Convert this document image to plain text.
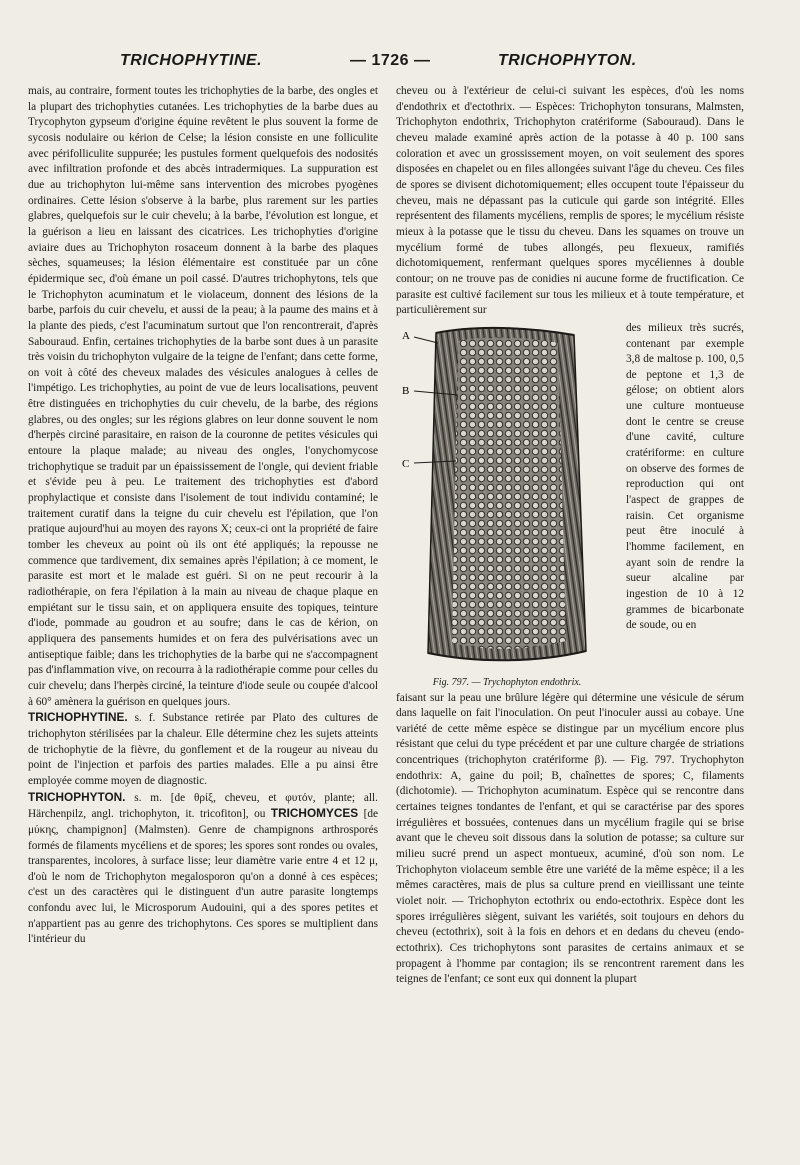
TRICHOPHYTINE.	— 1726 —	TRICHOPHYTON.

mais, au contraire, forment toutes les trichophyties de la barbe, des ongles et la plupart des trichophyties cutanées. Les trichophyties de la barbe dues au Trycophyton gypseum d'origine équine revêtent le plus souvent la forme de sycosis nodulaire ou kérion de Celse; la lésion consiste en une folliculite avec périfolliculite suppurée; les pustules forment quelquefois des nodosités avec infiltration profonde et des abcès intradermiques. La suppuration est due au trichophyton lui-même sans intervention des microbes pyogènes ordinaires. Cette lésion s'observe à la barbe, plus rarement sur les parties glabres, quelquefois sur le cuir chevelu; à la barbe, l'évolution est longue, et la guérison a lieu en laissant des cicatrices. Les trichophyties d'origine aviaire dues au Trichophyton rosaceum donnent à la barbe des plaques sèches, squameuses; la lésion élémentaire est constituée par un cône épidermique sec, d'où émane un poil cassé. D'autres trichophytons, tels que le Trichophyton acuminatum et le violaceum, donnent des lésions de la barbe, parfois du cuir chevelu, et aussi de la peau; à la paume des mains et à la plante des pieds, c'est l'acuminatum surtout que l'on rencontrerait, d'après Sabouraud. Enfin, certaines trichophyties de la barbe sont dues à un parasite très voisin du trichophyton vulgaire de la teigne de l'enfant; dans cette forme, on voit à côté des cheveux malades des vésicules analogues à celles de l'impétigo. Les trichophyties, au point de vue de leurs localisations, peuvent être distinguées en trichophyties du cuir chevelu, de la barbe, des régions glabres, ou des ongles; sur les régions glabres on leur donne souvent le nom d'herpès circiné parasitaire, en raison de la couronne de petites vésicules qui entoure la plaque malade; au niveau des ongles, l'onychomycose trichophytique se traduit par un épaississement de l'ongle, qui devient friable et s'évide peu à peu. Le traitement des trichophyties est d'abord prophylactique et consiste dans l'isolement de tout individu contaminé; le traitement curatif dans la teigne du cuir chevelu est l'épilation, que l'on pratique aujourd'hui au moyen des rayons X; ceux-ci ont la propriété de faire tomber les cheveux au point où ils ont été appliqués; la repousse ne commence que tardivement, dix semaines après l'épilation; à ce moment, le parasite est mort et le malade est guéri. Si on ne peut recourir à la radiothérapie, on fera l'épilation à la main au niveau de chaque plaque en empiétant sur le tissu sain, et on appliquera ensuite des topiques, teinture d'iode, pommade au goudron et au soufre; dans le cas de kérion, on appliquera des pansements humides et on fera des pulvérisations avec un antiseptique faible; dans les trichophyties de la barbe qui ne s'accompagnent pas d'inflammation vive, on recourra à la radiothérapie comme pour celles du cuir chevelu; dans l'herpès circiné, la teinture d'iode seule ou coupée d'alcool à 60° amènera la guérison en quelques jours.

TRICHOPHYTINE. s. f. Substance retirée par Plato des cultures de trichophyton stérilisées par la chaleur. Elle détermine chez les sujets atteints de trichophytie de la fièvre, du gonflement et de la rougeur au niveau du point de l'injection et parfois des parties malades. Elle a pu ainsi être employée comme moyen de diagnostic.

TRICHOPHYTON. s. m. [de θρίξ, cheveu, et φυτόν, plante; all. Härchenpilz, angl. trichophyton, it. tricofiton], ou TRICHOMYCES [de μύκης, champignon] (Malmsten). Genre de champignons arthrosporés formés de filaments mycéliens et de spores; les spores sont rondes ou ovales, transparentes, incolores, à surface lisse; leur diamètre varie entre 4 et 12 μ, d'où le nom de Trichophyton megalosporon qu'on a donné à ces espèces; c'est un des caractères qui le distinguent d'un autre parasite longtemps confondu avec lui, le Microsporum Audouini, qui a des spores petites et n'appartient pas au genre des trichophytons. Ces spores se multiplient dans l'intérieur du

cheveu ou à l'extérieur de celui-ci suivant les espèces, d'où les noms d'endothrix et d'ectothrix. — Espèces: Trichophyton tonsurans, Malmsten, Trichophyton endothrix, Trichophyton cratériforme (Sabouraud). Dans le cheveu malade examiné après action de la potasse à 40 p. 100 sans coloration et avec un grossissement moyen, on voit seulement des spores disposées en chapelet ou en files allongées suivant l'âge du cheveu. Ces files de spores se divisent dichotomiquement; elles occupent toute l'épaisseur du cheveu, mais ne dépassant pas la cuticule qui garde son intégrité. Elles représentent des filaments mycéliens, remplis de spores; le mycélium résiste mieux à la potasse que le tissu du cheveu. Dans les squames on trouve un mycélium formé de tubes allongés, peu flexueux, ramifiés dichotomiquement, renfermant quelques spores mycéliennes à double contour; on ne trouve pas de conidies ni aucune forme de fructification. Ce parasite est cultivé facilement sur tous les milieux et à toute température, et particulièrement sur

A
B
C
Fig. 797. — Trychophyton endothrix.
des milieux très sucrés, contenant par exemple 3,8 de maltose p. 100, 0,5 de peptone et 1,3 de gélose; on obtient alors une culture montueuse dont le centre se creuse d'une cavité, culture cratériforme: en culture on observe des formes de reproduction qui ont l'aspect de grappes de raisin. Cet organisme peut être inoculé à l'homme facilement, en ayant soin de rendre la sueur alcaline par ingestion de 10 à 12 grammes de bicarbonate de soude, ou en

faisant sur la peau une brûlure légère qui détermine une vésicule de sérum dans laquelle on fait l'inoculation. On peut l'inoculer aussi au cobaye. Une variété de cette même espèce se distingue par un mycélium encore plus résistant que celui du type précédent et par une culture chargée de striations concentriques (trichophyton cratériforme β). — Fig. 797. Trychophyton endothrix: A, gaine du poil; B, chaînettes de spores; C, filaments (dichotomie). — Trichophyton acuminatum. Espèce qui se rencontre dans certaines teignes tondantes de l'enfant, et qui se caractérise par des spores irrégulières et bossuées, contenues dans un mycélium fragile qui se brise avant que le cheveu soit dissous dans la solution de potasse; sa culture sur milieu sucré prend un aspect montueux, acuminé, d'où son nom. Le Trichophyton violaceum semble être une variété de la même espèce; il a les mêmes caractères, mais de plus sa culture prend en vieillissant une teinte violet noir. — Trichophyton ectothrix ou endo-ectothrix. Espèce dont les spores irrégulières siègent, suivant les variétés, soit toujours en dehors du cheveu (ectothrix), soit à la fois en dehors et en dedans du cheveu (endo-ectothrix). Ces trichophytons sont parasites de certains animaux et se propagent à l'homme par contagion; ils se rencontrent rarement dans les teignes de l'enfant; ce sont eux qui donnent la plupart
